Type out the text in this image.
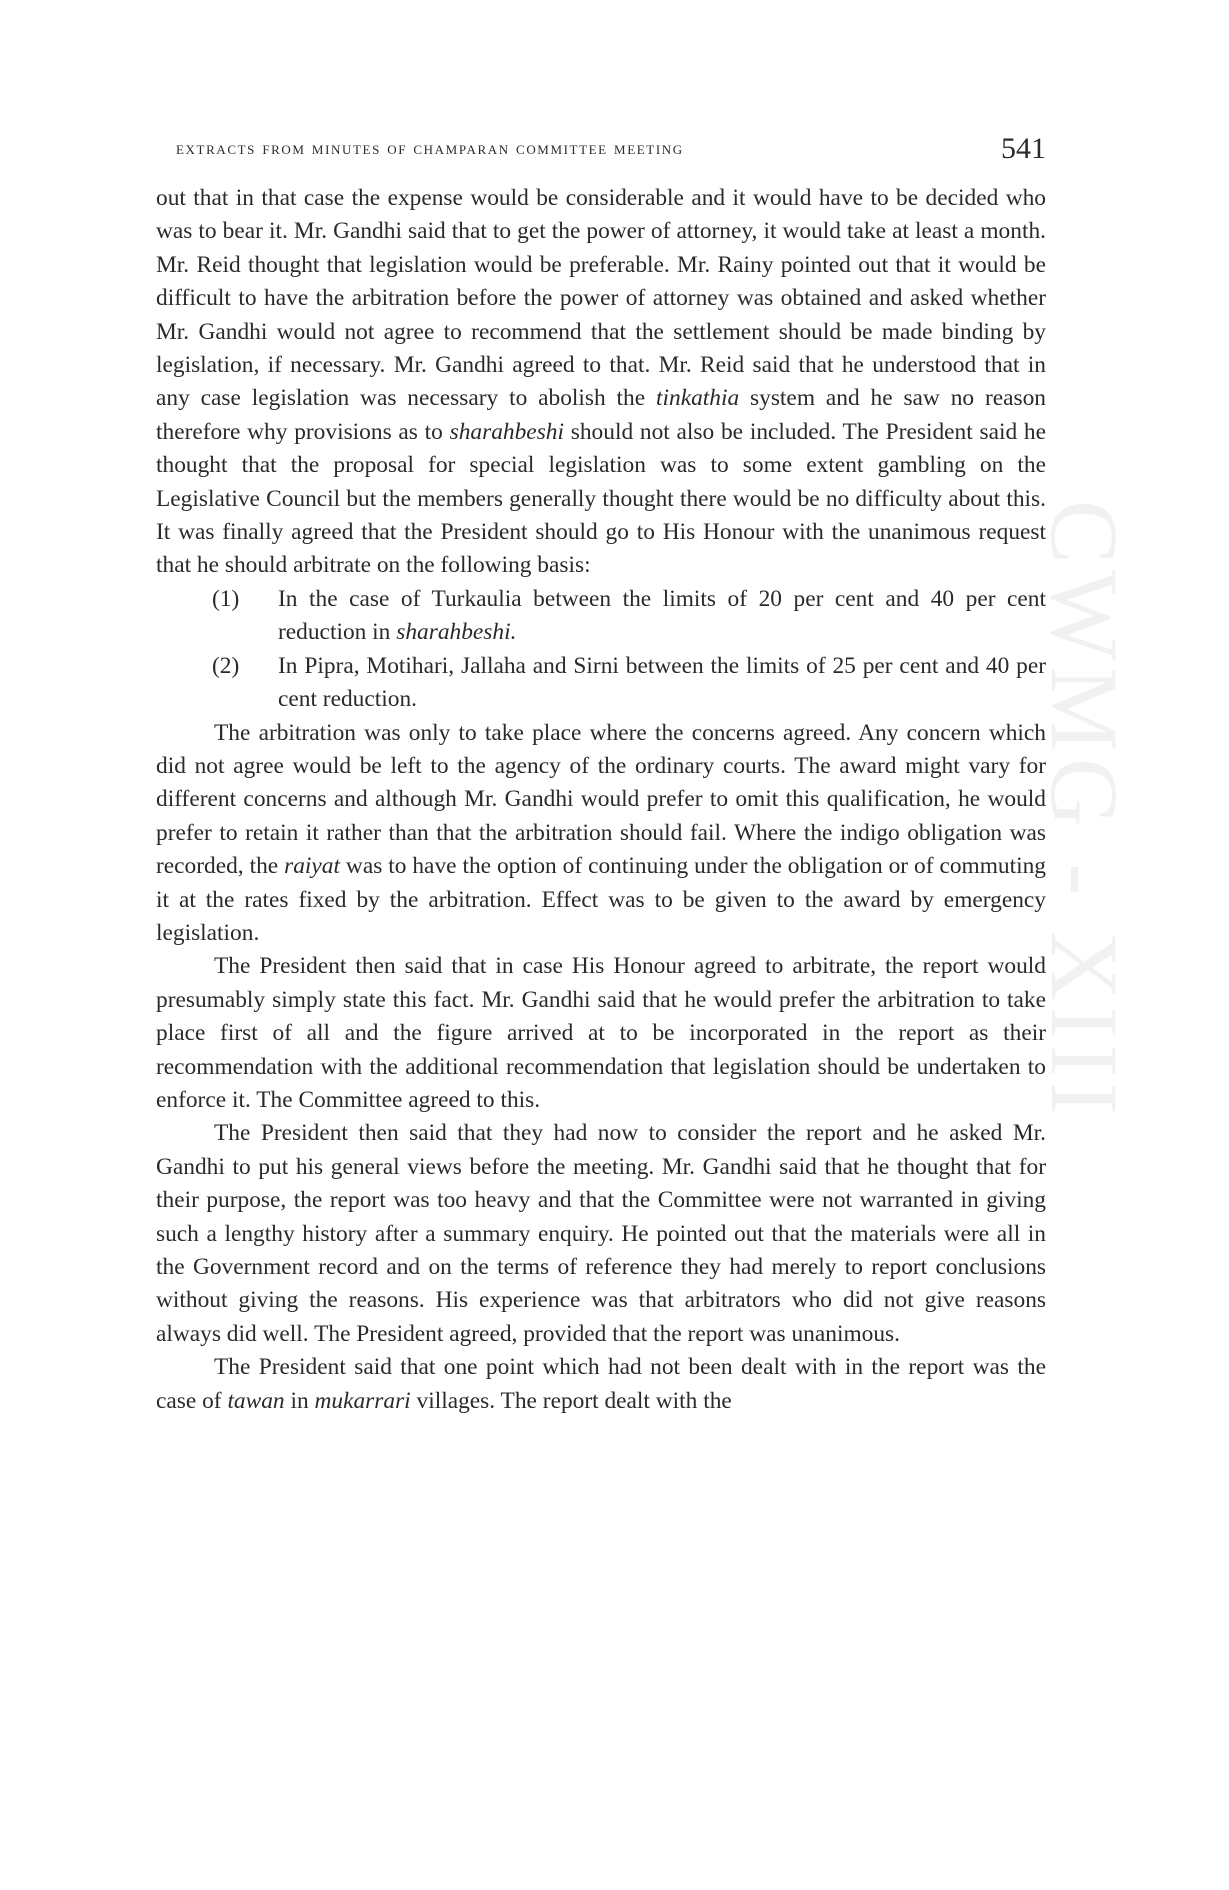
CWMG - XIII
extracts from minutes of champaran committee meeting	541

out that in that case the expense would be considerable and it would have to be decided who was to bear it. Mr. Gandhi said that to get the power of attorney, it would take at least a month. Mr. Reid thought that legislation would be preferable. Mr. Rainy pointed out that it would be difficult to have the arbitration before the power of attorney was obtained and asked whether Mr. Gandhi would not agree to recommend that the settlement should be made binding by legislation, if necessary. Mr. Gandhi agreed to that. Mr. Reid said that he understood that in any case legislation was necessary to abolish the tinkathia system and he saw no reason therefore why provisions as to sharahbeshi should not also be included. The President said he thought that the proposal for special legislation was to some extent gambling on the Legislative Council but the members generally thought there would be no difficulty about this. It was finally agreed that the President should go to His Honour with the unanimous request that he should arbitrate on the following basis:

(1)	In the case of Turkaulia between the limits of 20 per cent and 40 per cent reduction in sharahbeshi.
(2)	In Pipra, Motihari, Jallaha and Sirni between the limits of 25 per cent and 40 per cent reduction.

The arbitration was only to take place where the concerns agreed. Any concern which did not agree would be left to the agency of the ordinary courts. The award might vary for different concerns and although Mr. Gandhi would prefer to omit this qualification, he would prefer to retain it rather than that the arbitration should fail. Where the indigo obligation was recorded, the raiyat was to have the option of continuing under the obligation or of commuting it at the rates fixed by the arbitration. Effect was to be given to the award by emergency legislation.

The President then said that in case His Honour agreed to arbitrate, the report would presumably simply state this fact. Mr. Gandhi said that he would prefer the arbitration to take place first of all and the figure arrived at to be incorporated in the report as their recommendation with the additional recommendation that legislation should be undertaken to enforce it. The Committee agreed to this.

The President then said that they had now to consider the report and he asked Mr. Gandhi to put his general views before the meeting. Mr. Gandhi said that he thought that for their purpose, the report was too heavy and that the Committee were not warranted in giving such a lengthy history after a summary enquiry. He pointed out that the materials were all in the Government record and on the terms of reference they had merely to report conclusions without giving the reasons. His experience was that arbitrators who did not give reasons always did well. The President agreed, provided that the report was unanimous.

The President said that one point which had not been dealt with in the report was the case of tawan in mukarrari villages. The report dealt with the
